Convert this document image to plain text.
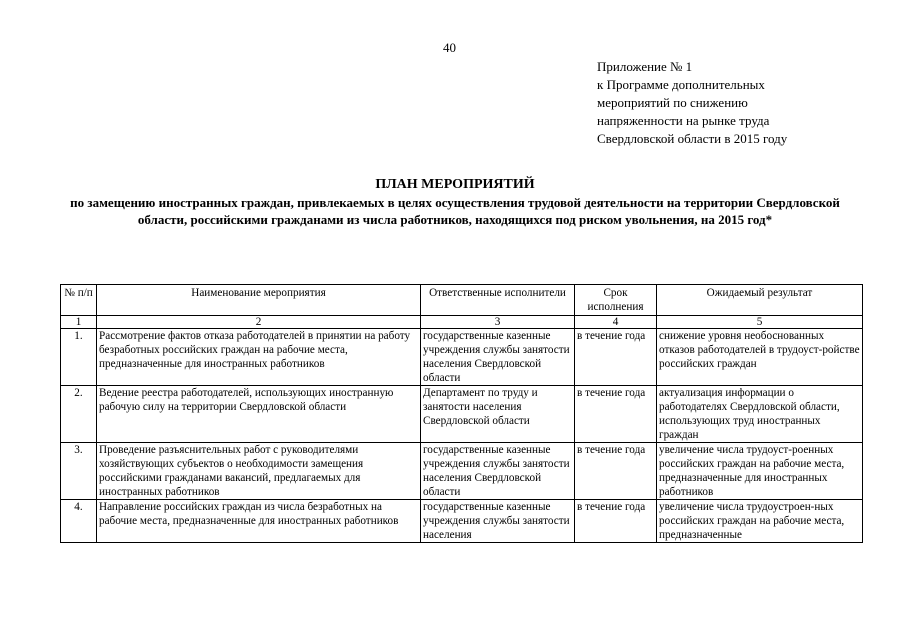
40
Приложение № 1
к Программе дополнительных
мероприятий по снижению
напряженности на рынке труда
Свердловской области в 2015 году
ПЛАН МЕРОПРИЯТИЙ
по замещению иностранных граждан, привлекаемых в целях осуществления трудовой деятельности на территории Свердловской области, российскими гражданами из числа работников, находящихся под риском увольнения, на 2015 год*
№ п/п	Наименование мероприятия	Ответственные исполнители	Срок исполнения	Ожидаемый результат
1	2	3	4	5
1.	Рассмотрение фактов отказа работодателей в принятии на работу безработных российских граждан на рабочие места, предназначенные для иностранных работников	государственные казенные учреждения службы занятости населения Свердловской области	в течение года	снижение уровня необоснованных отказов работодателей в трудоуст-ройстве российских граждан
2.	Ведение реестра работодателей, использующих иностранную рабочую силу на территории Свердловской области	Департамент по труду и занятости населения Свердловской области	в течение года	актуализация информации о работодателях Свердловской области, использующих труд иностранных граждан
3.	Проведение разъяснительных работ с руководителями хозяйствующих субъектов о необходимости замещения российскими гражданами вакансий, предлагаемых для иностранных работников	государственные казенные учреждения службы занятости населения Свердловской области	в течение года	увеличение числа трудоуст-роенных российских граждан на рабочие места, предназначенные для иностранных работников
4.	Направление российских граждан из числа безработных на рабочие места, предназначенные для иностранных работников	государственные казенные учреждения службы занятости населения	в течение года	увеличение числа трудоустроен-ных российских граждан на рабочие места, предназначенные
